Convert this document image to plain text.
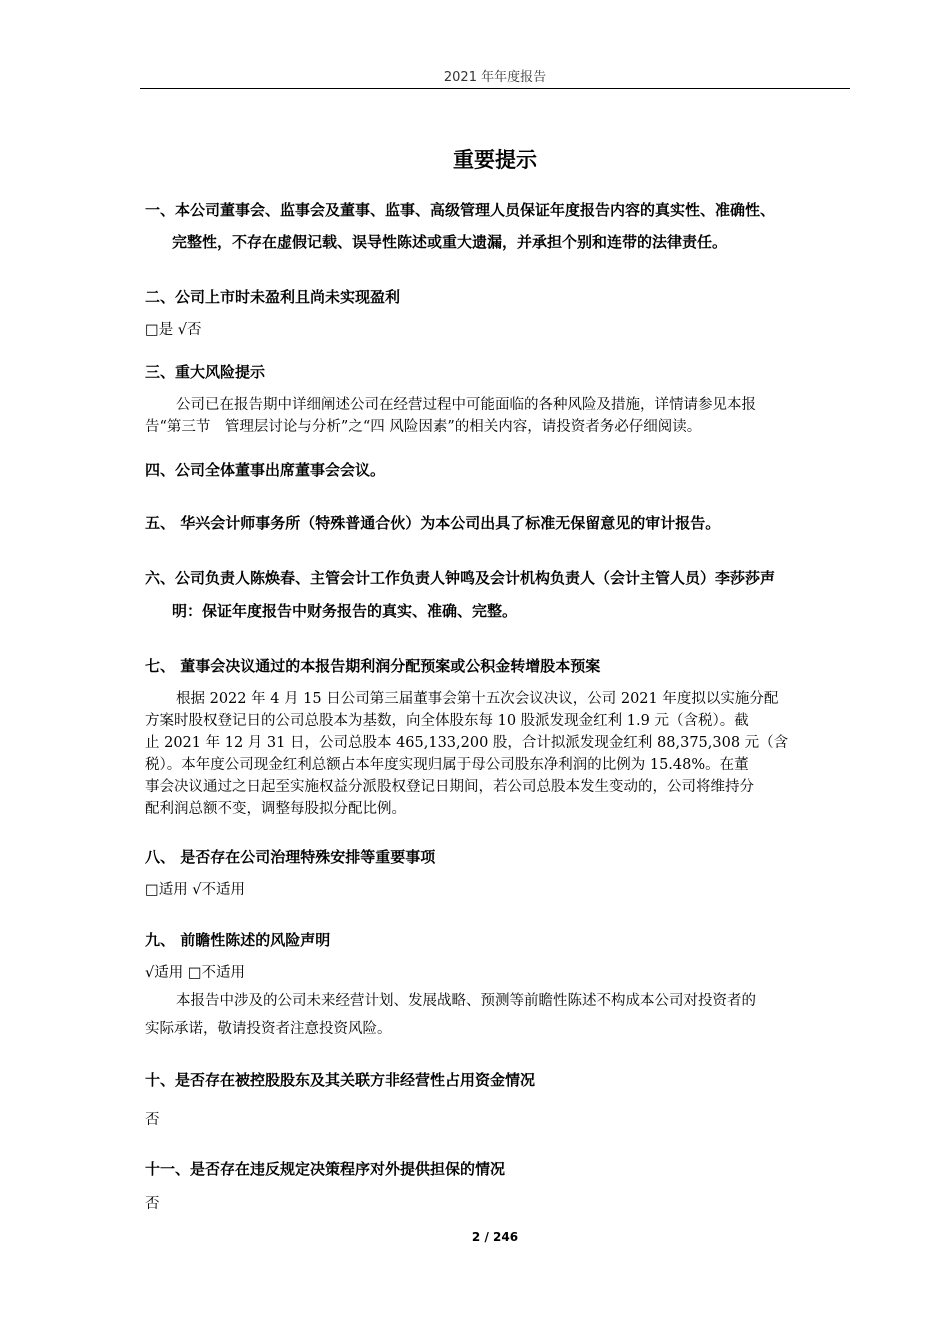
2021 年年度报告
重要提示
一、本公司董事会、监事会及董事、监事、高级管理人员保证年度报告内容的真实性、准确性、
完整性，不存在虚假记载、误导性陈述或重大遗漏，并承担个别和连带的法律责任。
二、公司上市时未盈利且尚未实现盈利
□是 √否
三、重大风险提示
公司已在报告期中详细阐述公司在经营过程中可能面临的各种风险及措施，详情请参见本报
告“第三节　管理层讨论与分析”之“四 风险因素”的相关内容，请投资者务必仔细阅读。
四、公司全体董事出席董事会会议。
五、 华兴会计师事务所（特殊普通合伙）为本公司出具了标准无保留意见的审计报告。
六、公司负责人陈焕春、主管会计工作负责人钟鸣及会计机构负责人（会计主管人员）李莎莎声
明：保证年度报告中财务报告的真实、准确、完整。
七、 董事会决议通过的本报告期利润分配预案或公积金转增股本预案
根据 2022 年 4 月 15 日公司第三届董事会第十五次会议决议，公司 2021 年度拟以实施分配
方案时股权登记日的公司总股本为基数，向全体股东每 10 股派发现金红利 1.9 元（含税）。截
止 2021 年 12 月 31 日，公司总股本 465,133,200 股，合计拟派发现金红利 88,375,308 元（含
税）。本年度公司现金红利总额占本年度实现归属于母公司股东净利润的比例为 15.48%。在董
事会决议通过之日起至实施权益分派股权登记日期间，若公司总股本发生变动的，公司将维持分
配利润总额不变，调整每股拟分配比例。
八、 是否存在公司治理特殊安排等重要事项
□适用 √不适用
九、 前瞻性陈述的风险声明
√适用 □不适用
本报告中涉及的公司未来经营计划、发展战略、预测等前瞻性陈述不构成本公司对投资者的
实际承诺，敬请投资者注意投资风险。
十、是否存在被控股股东及其关联方非经营性占用资金情况
否
十一、是否存在违反规定决策程序对外提供担保的情况
否
2 / 246
